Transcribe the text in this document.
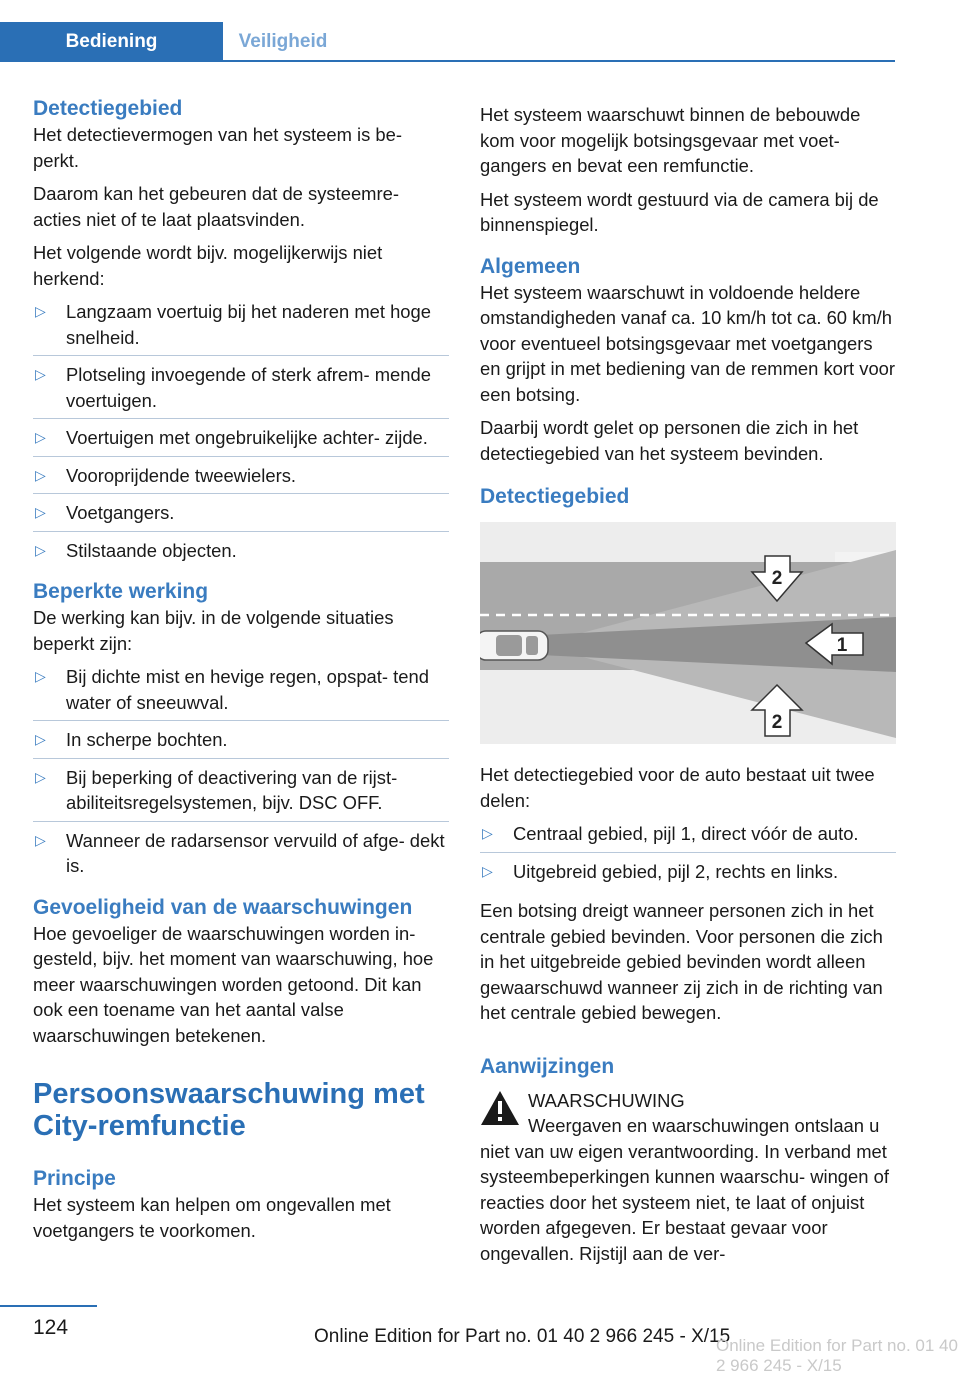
Bediening	Veiligheid
Detectiegebied

Het detectievermogen van het systeem is be‐ perkt.

Daarom kan het gebeuren dat de systeemre‐ acties niet of te laat plaatsvinden.

Het volgende wordt bijv. mogelijkerwijs niet herkend:

▷ Langzaam voertuig bij het naderen met hoge snelheid.
▷ Plotseling invoegende of sterk afrem‐ mende voertuigen.
▷ Voertuigen met ongebruikelijke achter‐ zijde.
▷ Vooroprijdende tweewielers.
▷ Voetgangers.
▷ Stilstaande objecten.
Beperkte werking

De werking kan bijv. in de volgende situaties beperkt zijn:

▷ Bij dichte mist en hevige regen, opspat‐ tend water of sneeuwval.
▷ In scherpe bochten.
▷ Bij beperking of deactivering van de rijst‐ abiliteitsregelsystemen, bijv. DSC OFF.
▷ Wanneer de radarsensor vervuild of afge‐ dekt is.
Gevoeligheid van de waarschuwingen

Hoe gevoeliger de waarschuwingen worden in‐ gesteld, bijv. het moment van waarschuwing, hoe meer waarschuwingen worden getoond. Dit kan ook een toename van het aantal valse waarschuwingen betekenen.

Persoonswaarschuwing met City-remfunctie
Principe

Het systeem kan helpen om ongevallen met voetgangers te voorkomen.

Het systeem waarschuwt binnen de bebouwde kom voor mogelijk botsingsgevaar met voet‐ gangers en bevat een remfunctie.

Het systeem wordt gestuurd via de camera bij de binnenspiegel.

Algemeen

Het systeem waarschuwt in voldoende heldere omstandigheden vanaf ca. 10 km/h tot ca. 60 km/h voor eventueel botsingsgevaar met voetgangers en grijpt in met bediening van de remmen kort voor een botsing.

Daarbij wordt gelet op personen die zich in het detectiegebied van het systeem bevinden.

Detectiegebied
2
1
2

Het detectiegebied voor de auto bestaat uit twee delen:

▷ Centraal gebied, pijl 1, direct vóór de auto.
▷ Uitgebreid gebied, pijl 2, rechts en links.

Een botsing dreigt wanneer personen zich in het centrale gebied bevinden. Voor personen die zich in het uitgebreide gebied bevinden wordt alleen gewaarschuwd wanneer zij zich in de richting van het centrale gebied bewegen.

Aanwijzingen

WAARSCHUWING

Weergaven en waarschuwingen ontslaan u niet van uw eigen verantwoording. In verband met systeembeperkingen kunnen waarschu‐ wingen of reacties door het systeem niet, te laat of onjuist worden afgegeven. Er bestaat gevaar voor ongevallen. Rijstijl aan de ver‐

124	Online Edition for Part no. 01 40 2 966 245 - X/15
Online Edition for Part no. 01 40 2 966 245 - X/15
